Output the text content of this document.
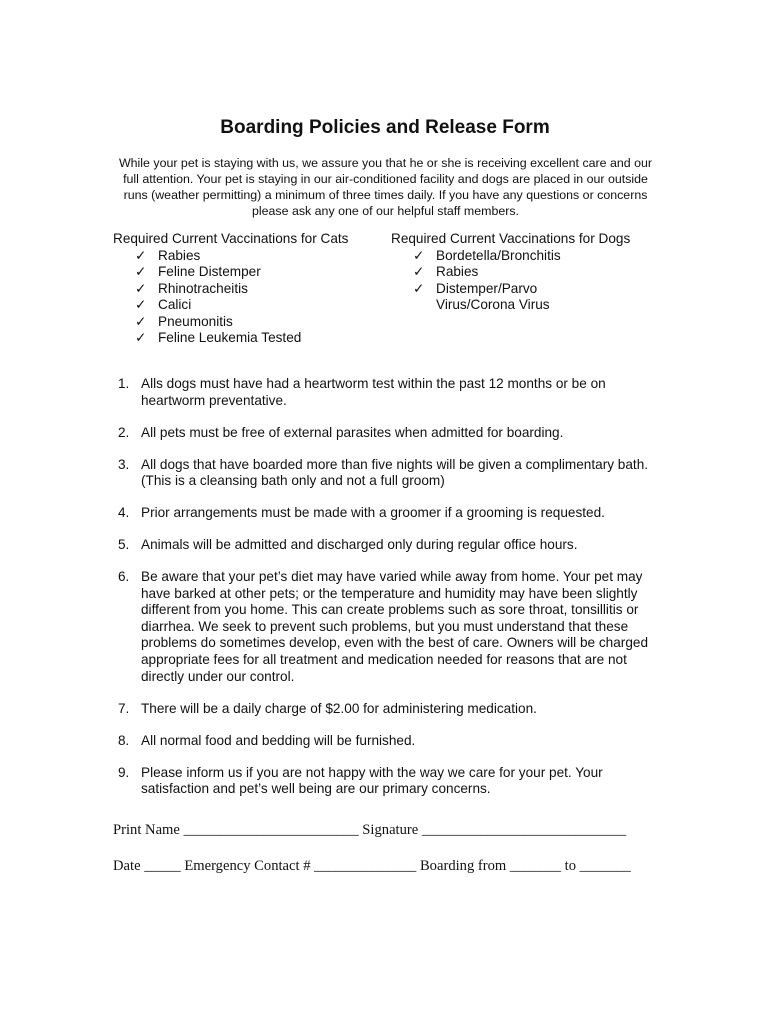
Boarding Policies and Release Form
While your pet is staying with us, we assure you that he or she is receiving excellent care and our
full attention. Your pet is staying in our air-conditioned facility and dogs are placed in our outside
runs (weather permitting) a minimum of three times daily. If you have any questions or concerns
please ask any one of our helpful staff members.
Required Current Vaccinations for Cats
✓ Rabies
✓ Feline Distemper
✓ Rhinotracheitis
✓ Calici
✓ Pneumonitis
✓ Feline Leukemia Tested
Required Current Vaccinations for Dogs
✓ Bordetella/Bronchitis
✓ Rabies
✓ Distemper/Parvo Virus/Corona Virus
1. Alls dogs must have had a heartworm test within the past 12 months or be on heartworm preventative.
2. All pets must be free of external parasites when admitted for boarding.
3. All dogs that have boarded more than five nights will be given a complimentary bath. (This is a cleansing bath only and not a full groom)
4. Prior arrangements must be made with a groomer if a grooming is requested.
5. Animals will be admitted and discharged only during regular office hours.
6. Be aware that your pet’s diet may have varied while away from home. Your pet may have barked at other pets; or the temperature and humidity may have been slightly different from you home. This can create problems such as sore throat, tonsillitis or diarrhea. We seek to prevent such problems, but you must understand that these problems do sometimes develop, even with the best of care. Owners will be charged appropriate fees for all treatment and medication needed for reasons that are not directly under our control.
7. There will be a daily charge of $2.00 for administering medication.
8. All normal food and bedding will be furnished.
9. Please inform us if you are not happy with the way we care for your pet. Your satisfaction and pet’s well being are our primary concerns.
Print Name ________________________ Signature ____________________________
Date _____ Emergency Contact # ______________ Boarding from _______ to _______
